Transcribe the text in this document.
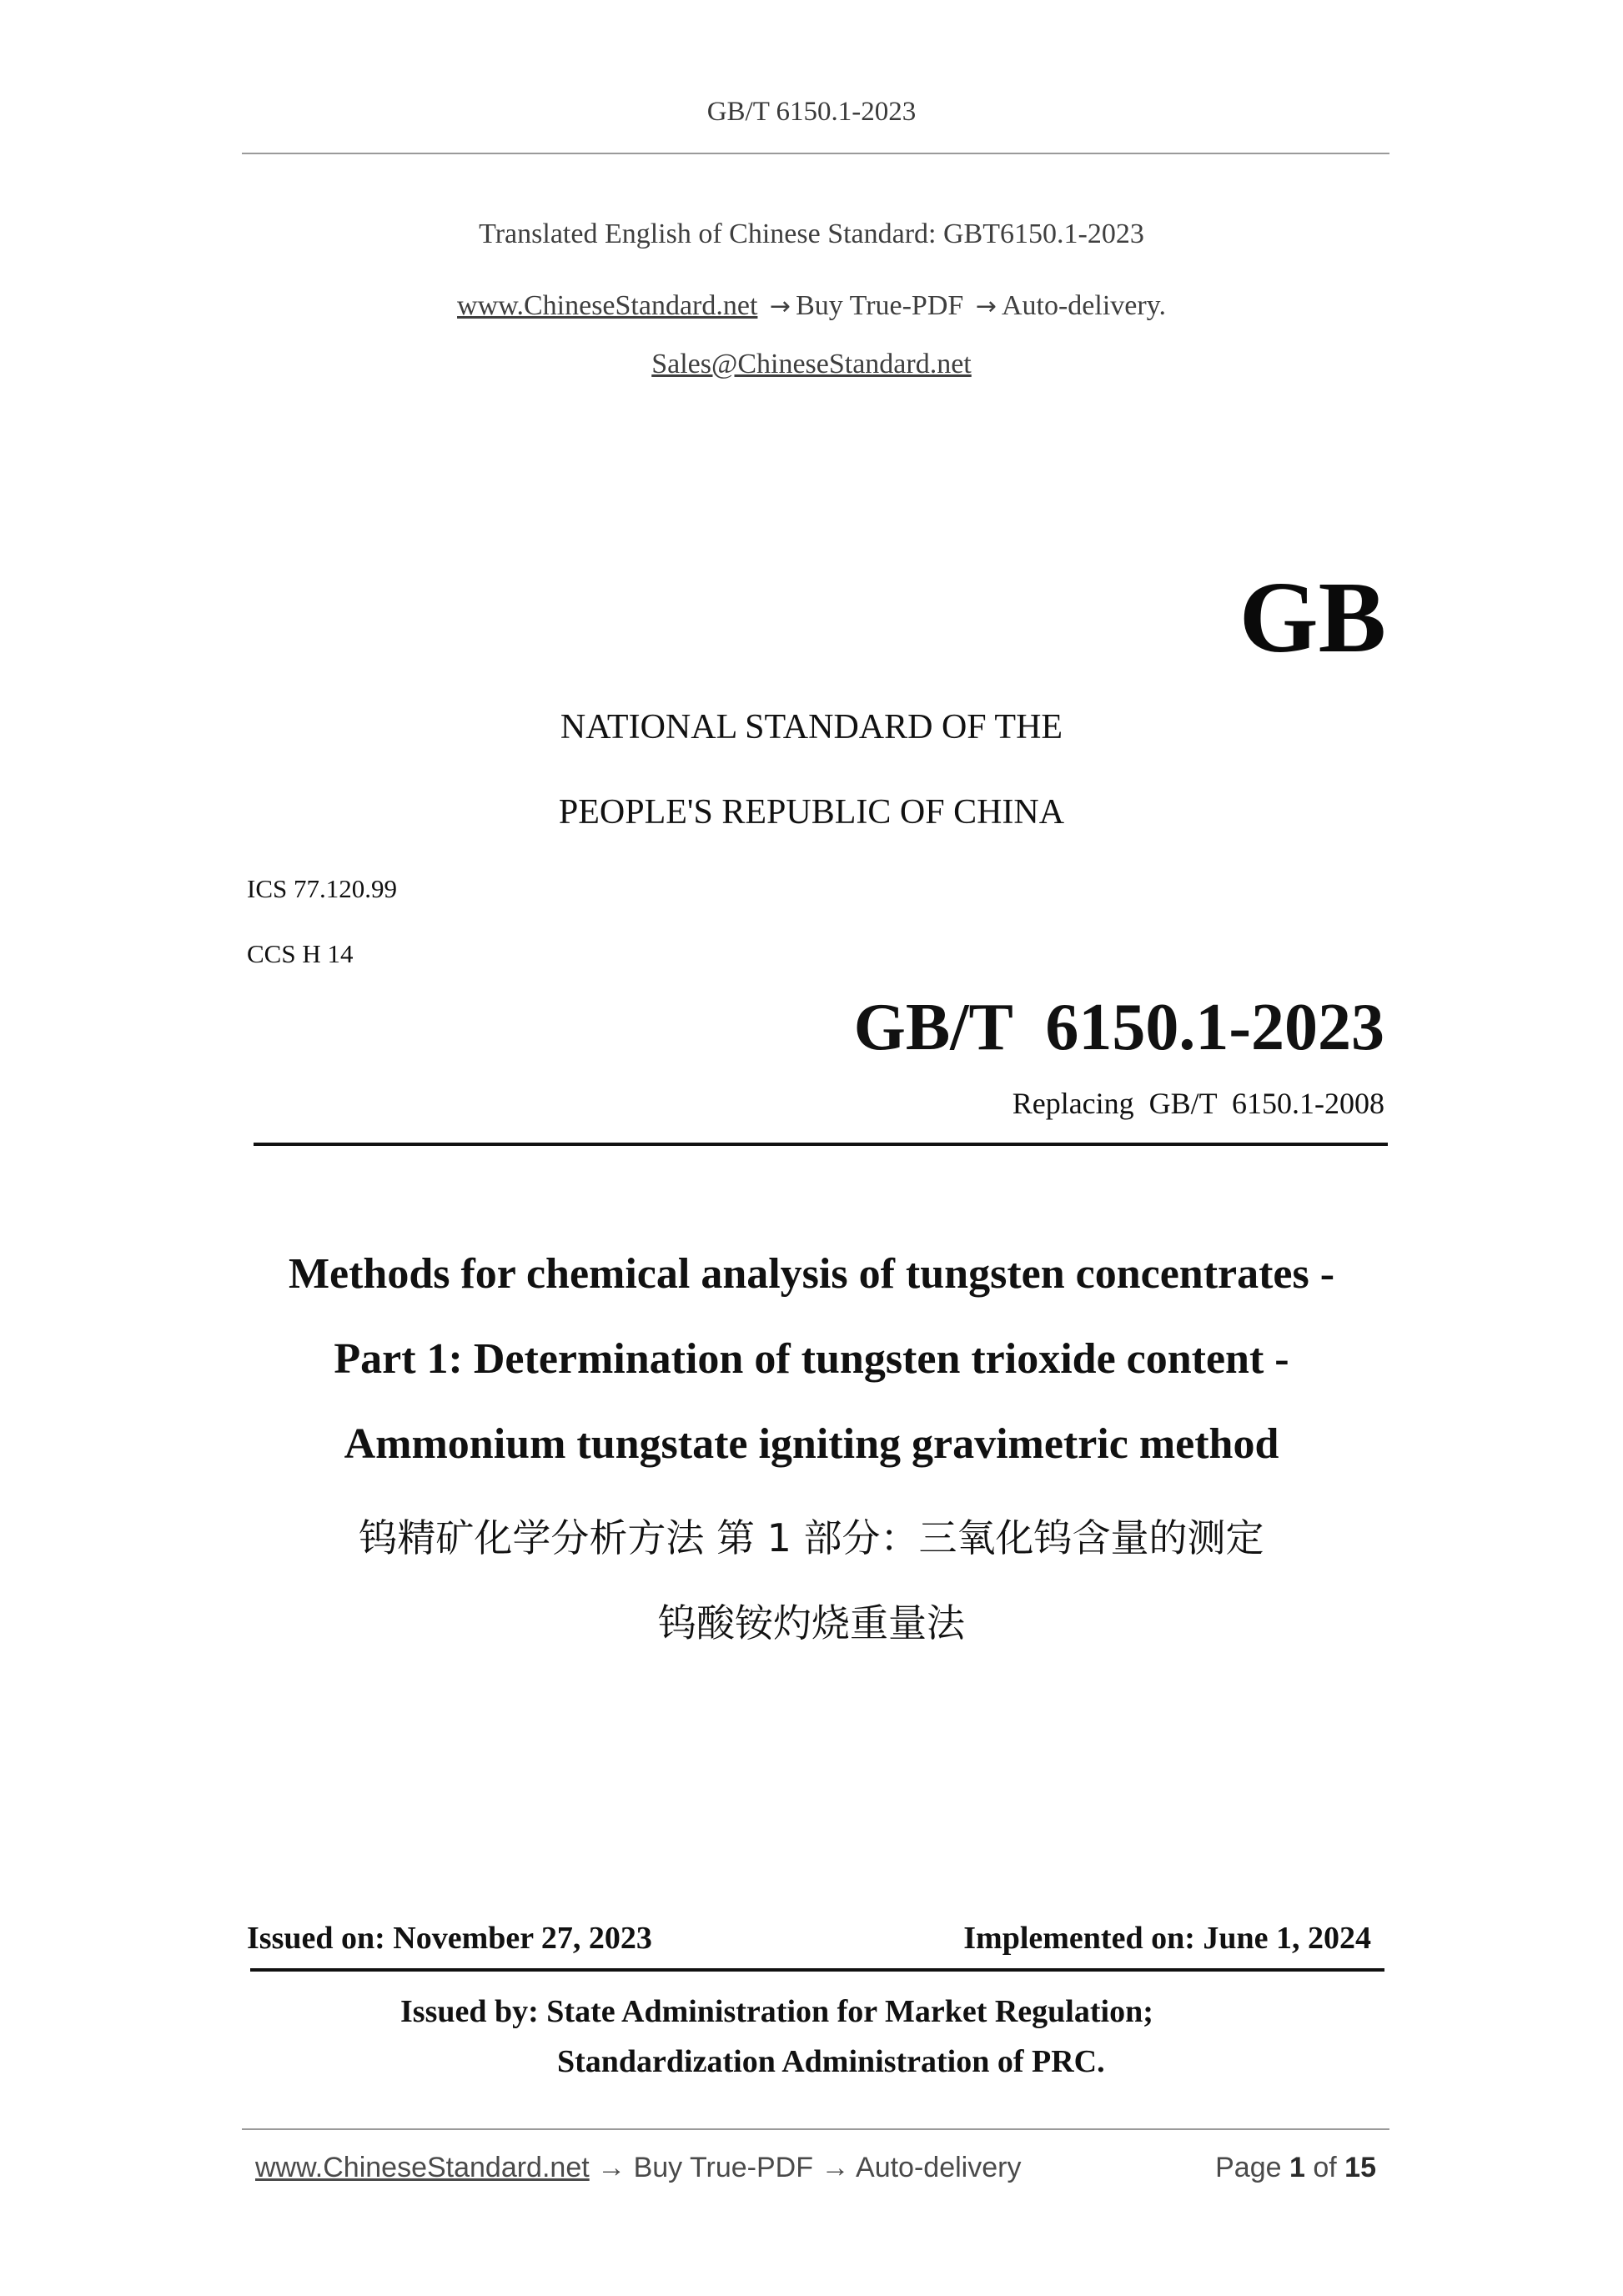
GB/T 6150.1-2023
Translated English of Chinese Standard: GBT6150.1-2023
www.ChineseStandard.net → Buy True-PDF → Auto-delivery.
Sales@ChineseStandard.net
GB
NATIONAL STANDARD OF THE
PEOPLE'S REPUBLIC OF CHINA
ICS 77.120.99
CCS H 14
GB/T  6150.1-2023
Replacing  GB/T  6150.1-2008
Methods for chemical analysis of tungsten concentrates -
Part 1: Determination of tungsten trioxide content -
Ammonium tungstate igniting gravimetric method
钨精矿化学分析方法 第 1 部分：三氧化钨含量的测定
钨酸铵灼烧重量法
Issued on: November 27, 2023	Implemented on: June 1, 2024
Issued by: State Administration for Market Regulation;
Standardization Administration of PRC.
www.ChineseStandard.net → Buy True-PDF → Auto-delivery	Page 1 of 15
